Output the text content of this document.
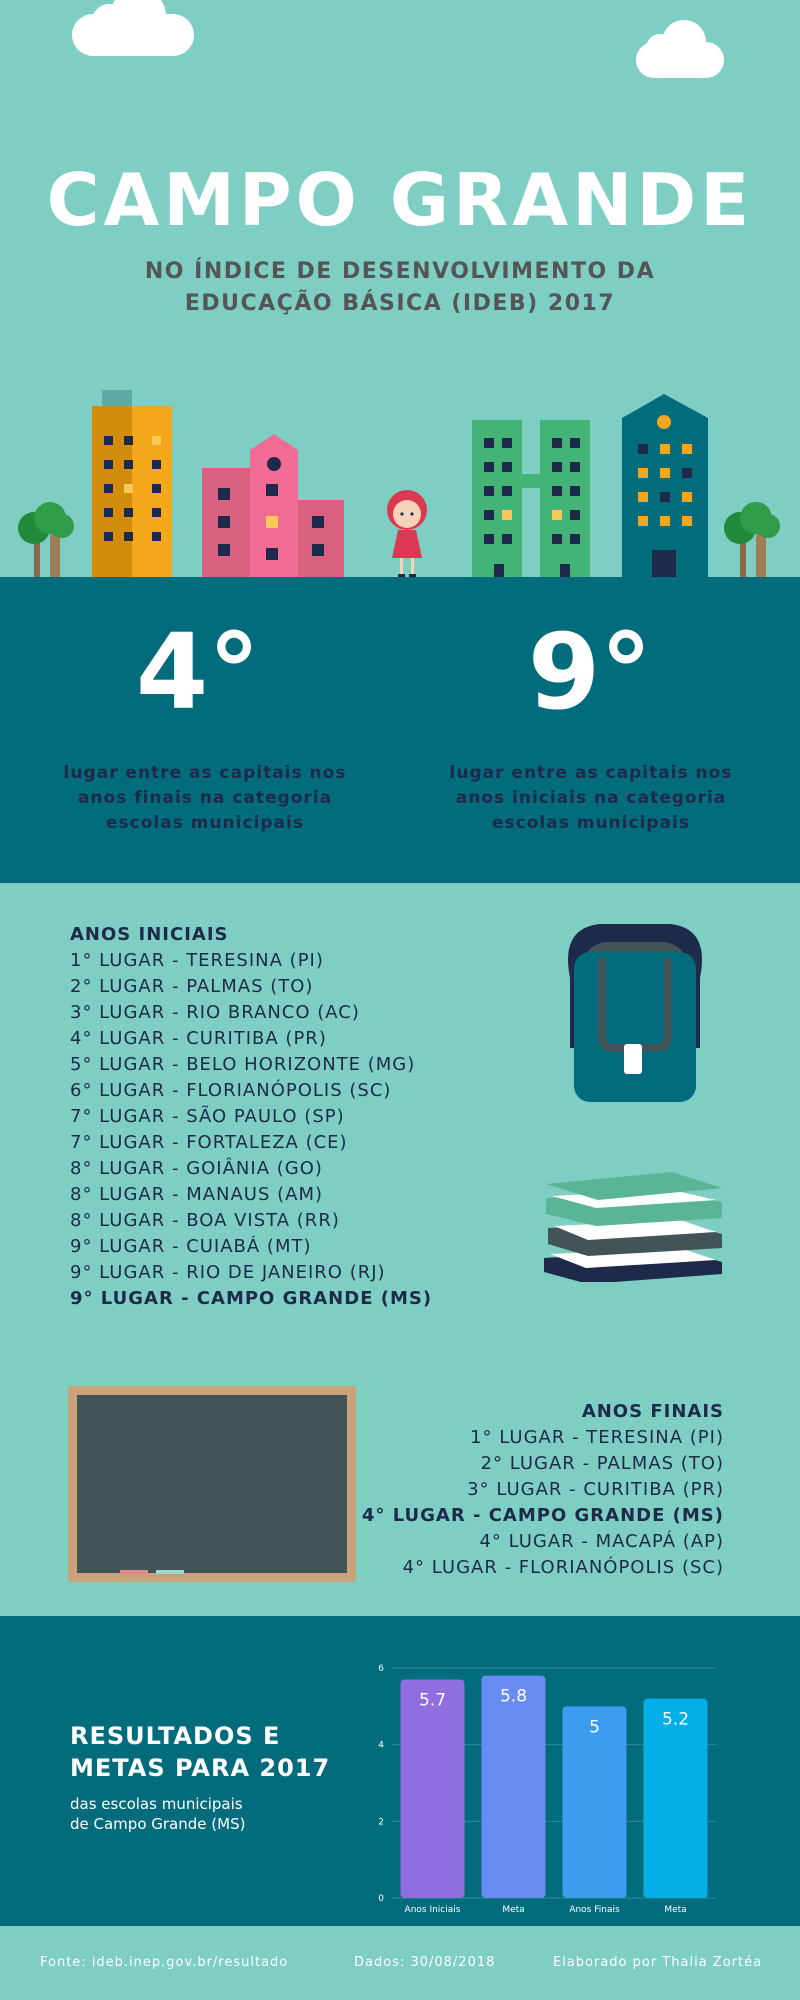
CAMPO GRANDE
NO ÍNDICE DE DESENVOLVIMENTO DA
EDUCAÇÃO BÁSICA (IDEB) 2017
4°
lugar entre as capitais nos
anos finais na categoria
escolas municipais
9°
lugar entre as capitais nos
anos iniciais na categoria
escolas municipais
ANOS INICIAIS
1° LUGAR - TERESINA (PI)
2° LUGAR - PALMAS (TO)
3° LUGAR - RIO BRANCO (AC)
4° LUGAR - CURITIBA (PR)
5° LUGAR - BELO HORIZONTE (MG)
6° LUGAR - FLORIANÓPOLIS (SC)
7° LUGAR - SÃO PAULO (SP)
7° LUGAR - FORTALEZA (CE)
8° LUGAR - GOIÂNIA (GO)
8° LUGAR - MANAUS (AM)
8° LUGAR - BOA VISTA (RR)
9° LUGAR - CUIABÁ (MT)
9° LUGAR - RIO DE JANEIRO (RJ)
9° LUGAR - CAMPO GRANDE (MS)
ANOS FINAIS
1° LUGAR - TERESINA (PI)
2° LUGAR - PALMAS (TO)
3° LUGAR - CURITIBA (PR)
4° LUGAR - CAMPO GRANDE (MS)
4° LUGAR - MACAPÁ (AP)
4° LUGAR - FLORIANÓPOLIS (SC)
RESULTADOS E
METAS PARA 2017
das escolas municipais
de Campo Grande (MS)
0
2
4
6
5.7
Anos Iniciais
5.8
Meta
5
Anos Finais
5.2
Meta
Fonte: ideb.inep.gov.br/resultado	Dados: 30/08/2018	Elaborado por Thalia Zortéa
